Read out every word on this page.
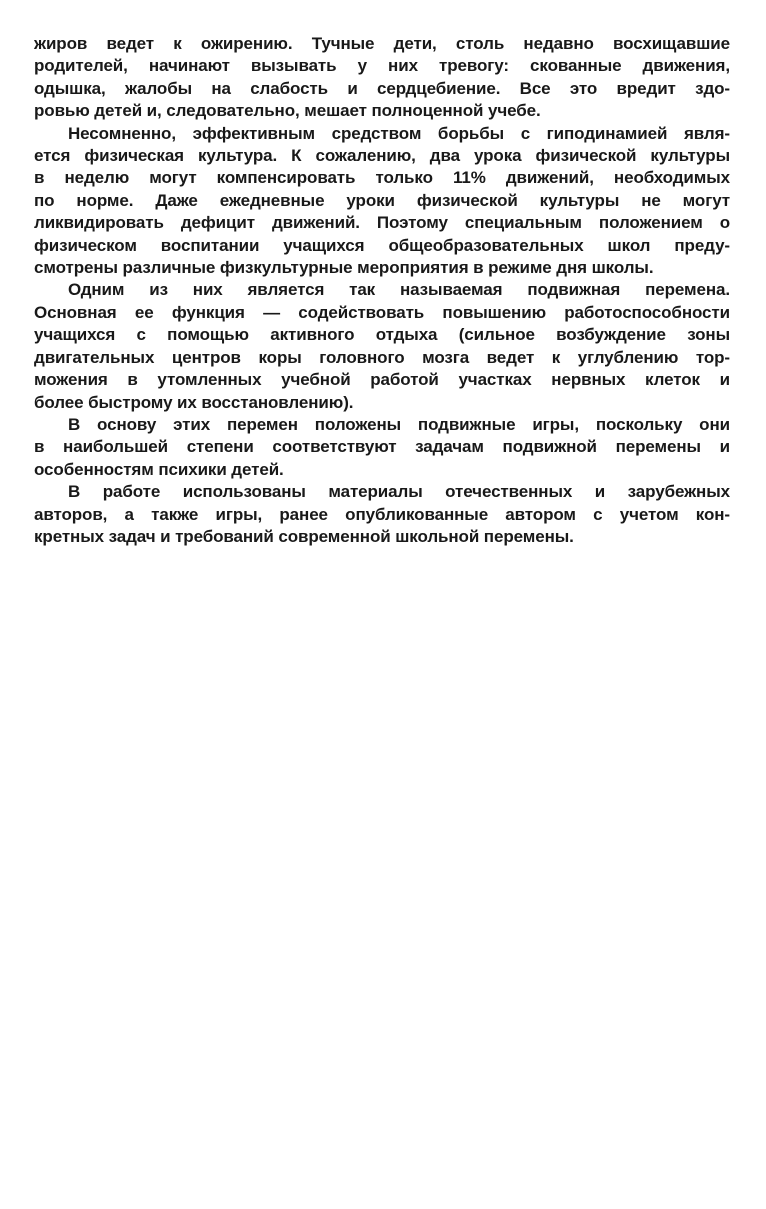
жиров ведет к ожирению. Тучные дети, столь недавно восхищавшие
родителей, начинают вызывать у них тревогу: скованные движения,
одышка, жалобы на слабость и сердцебиение. Все это вредит здо-
ровью детей и, следовательно, мешает полноценной учебе.
Несомненно, эффективным средством борьбы с гиподинамией явля-
ется физическая культура. К сожалению, два урока физической культуры
в неделю могут компенсировать только 11% движений, необходимых
по норме. Даже ежедневные уроки физической культуры не могут
ликвидировать дефицит движений. Поэтому специальным положением о
физическом воспитании учащихся общеобразовательных школ преду-
смотрены различные физкультурные мероприятия в режиме дня школы.
Одним из них является так называемая подвижная перемена.
Основная ее функция — содействовать повышению работоспособности
учащихся с помощью активного отдыха (сильное возбуждение зоны
двигательных центров коры головного мозга ведет к углублению тор-
можения в утомленных учебной работой участках нервных клеток и
более быстрому их восстановлению).
В основу этих перемен положены подвижные игры, поскольку они
в наибольшей степени соответствуют задачам подвижной перемены и
особенностям психики детей.
В работе использованы материалы отечественных и зарубежных
авторов, а также игры, ранее опубликованные автором с учетом кон-
кретных задач и требований современной школьной перемены.
